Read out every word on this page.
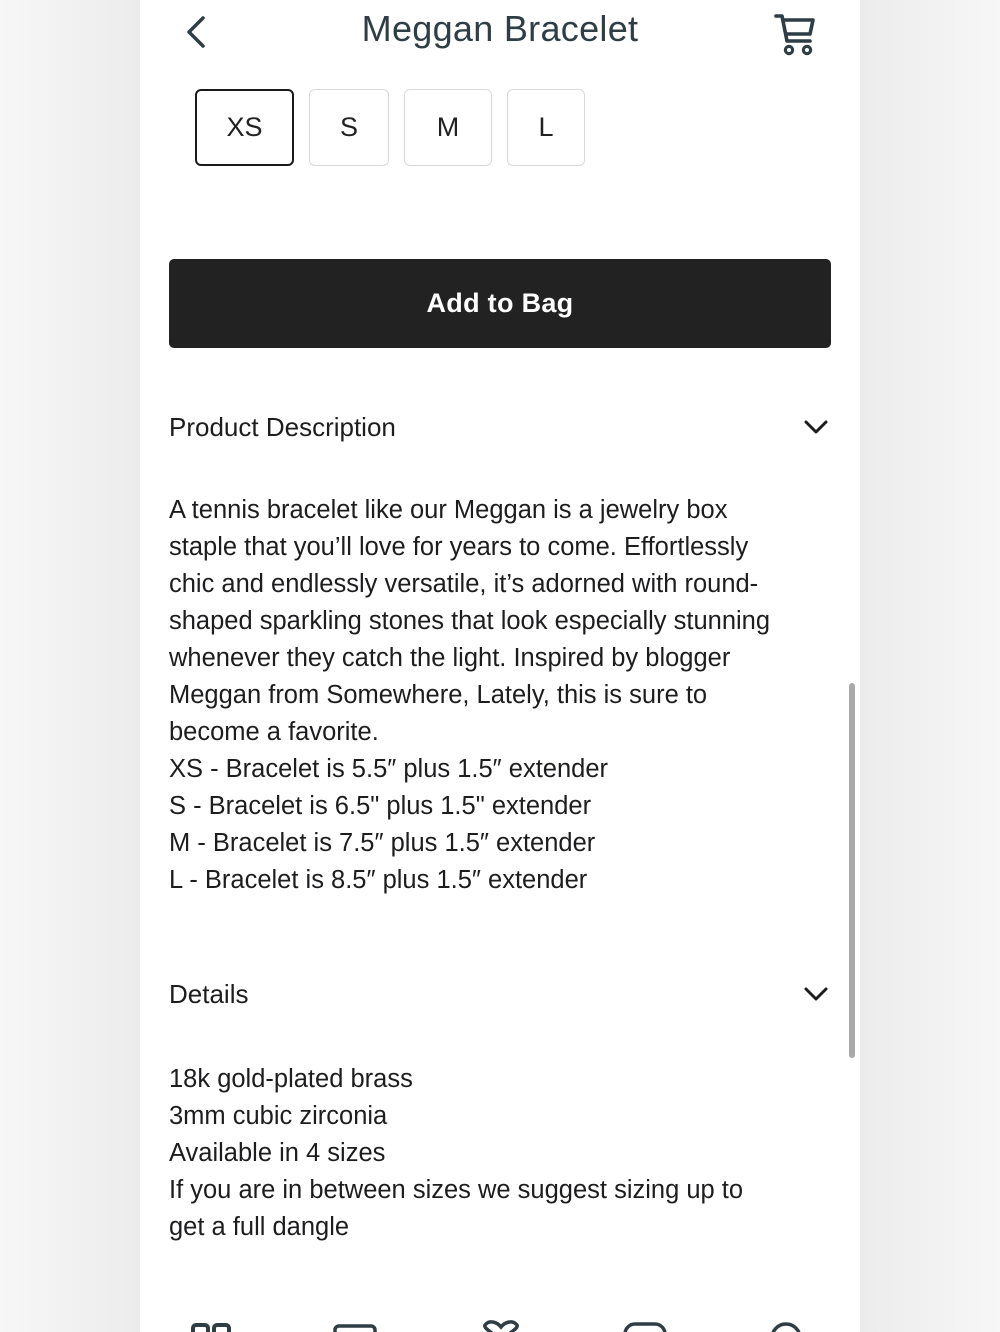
Meggan Bracelet
XS	S	M	L
Add to Bag
Product Description
A tennis bracelet like our Meggan is a jewelry box
staple that you’ll love for years to come. Effortlessly
chic and endlessly versatile, it’s adorned with round-
shaped sparkling stones that look especially stunning
whenever they catch the light. Inspired by blogger
Meggan from Somewhere, Lately, this is sure to
become a favorite.
XS - Bracelet is 5.5″ plus 1.5″ extender
S - Bracelet is 6.5" plus 1.5" extender
M - Bracelet is 7.5″ plus 1.5″ extender
L - Bracelet is 8.5″ plus 1.5″ extender
Details
18k gold-plated brass
3mm cubic zirconia
Available in 4 sizes
If you are in between sizes we suggest sizing up to
get a full dangle
